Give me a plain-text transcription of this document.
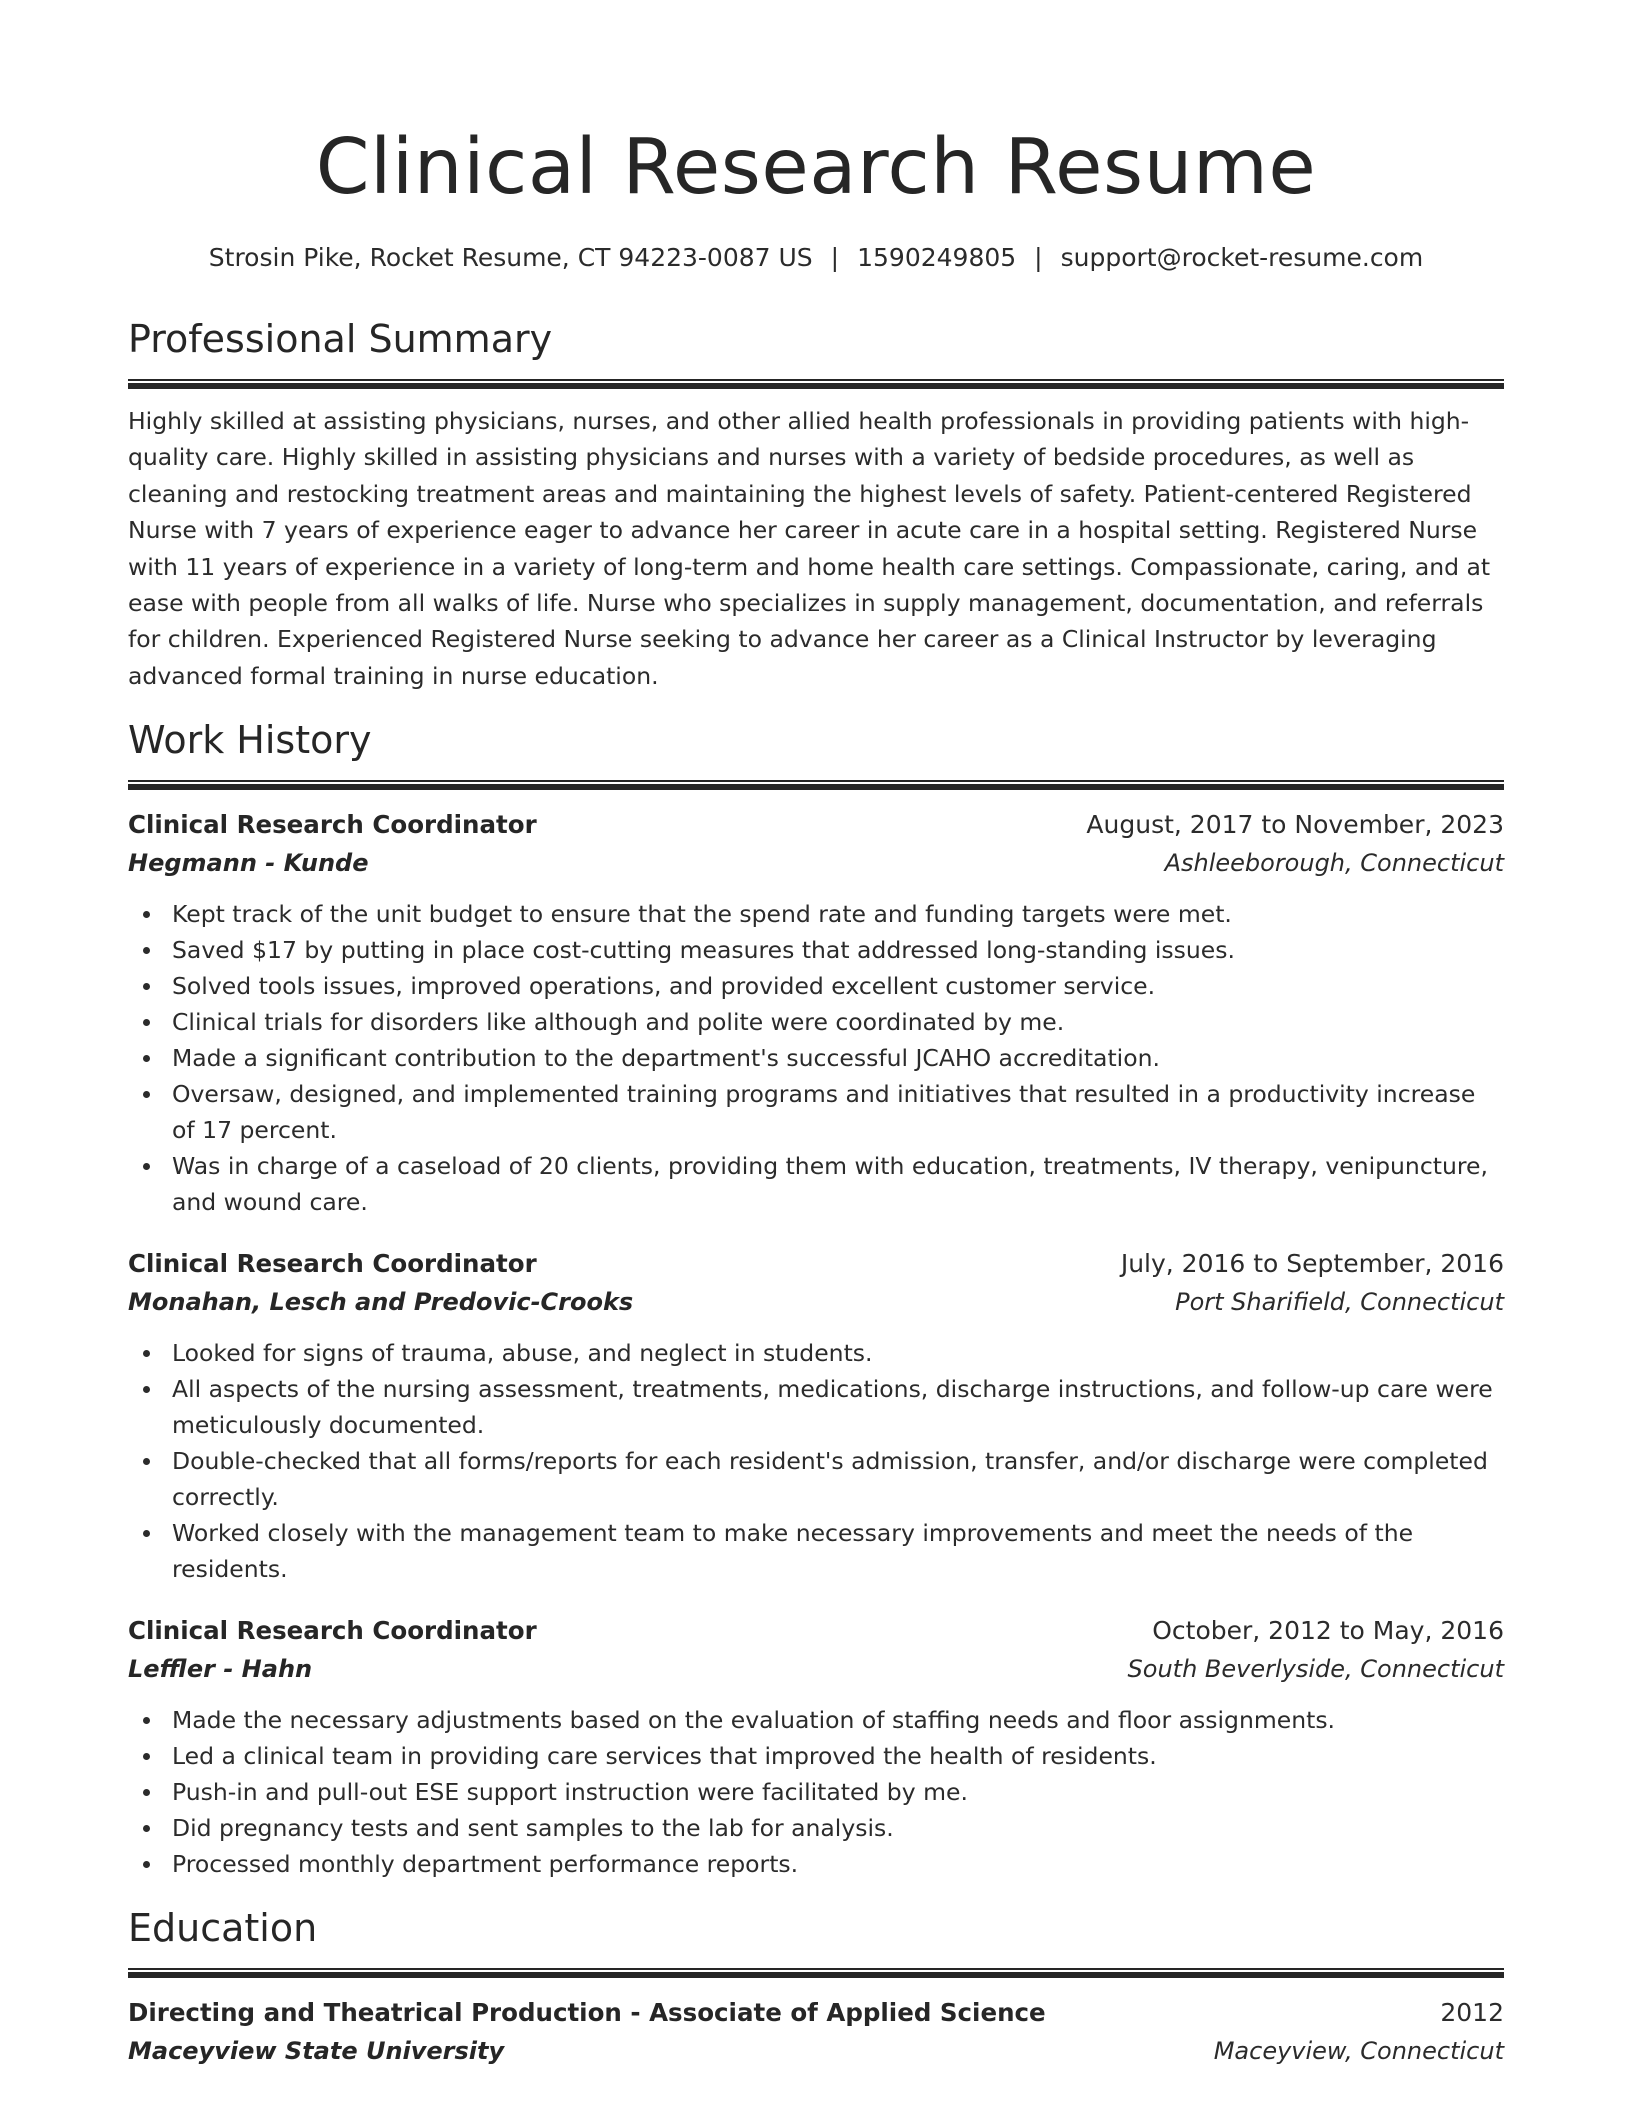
Clinical Research Resume
Strosin Pike, Rocket Resume, CT 94223-0087 US | 1590249805 | support@rocket-resume.com
Professional Summary

Highly skilled at assisting physicians, nurses, and other allied health professionals in providing patients with high-quality care. Highly skilled in assisting physicians and nurses with a variety of bedside procedures, as well as cleaning and restocking treatment areas and maintaining the highest levels of safety. Patient-centered Registered Nurse with 7 years of experience eager to advance her career in acute care in a hospital setting. Registered Nurse with 11 years of experience in a variety of long-term and home health care settings. Compassionate, caring, and at ease with people from all walks of life. Nurse who specializes in supply management, documentation, and referrals for children. Experienced Registered Nurse seeking to advance her career as a Clinical Instructor by leveraging advanced formal training in nurse education.

Work History
Clinical Research Coordinator	August, 2017 to November, 2023
Hegmann - Kunde	Ashleeborough, Connecticut
Kept track of the unit budget to ensure that the spend rate and funding targets were met.
Saved $17 by putting in place cost-cutting measures that addressed long-standing issues.
Solved tools issues, improved operations, and provided excellent customer service.
Clinical trials for disorders like although and polite were coordinated by me.
Made a significant contribution to the department's successful JCAHO accreditation.
Oversaw, designed, and implemented training programs and initiatives that resulted in a productivity increase of 17 percent.
Was in charge of a caseload of 20 clients, providing them with education, treatments, IV therapy, venipuncture, and wound care.
Clinical Research Coordinator	July, 2016 to September, 2016
Monahan, Lesch and Predovic-Crooks	Port Sharifield, Connecticut
Looked for signs of trauma, abuse, and neglect in students.
All aspects of the nursing assessment, treatments, medications, discharge instructions, and follow-up care were meticulously documented.
Double-checked that all forms/reports for each resident's admission, transfer, and/or discharge were completed correctly.
Worked closely with the management team to make necessary improvements and meet the needs of the residents.
Clinical Research Coordinator	October, 2012 to May, 2016
Leffler - Hahn	South Beverlyside, Connecticut
Made the necessary adjustments based on the evaluation of staffing needs and floor assignments.
Led a clinical team in providing care services that improved the health of residents.
Push-in and pull-out ESE support instruction were facilitated by me.
Did pregnancy tests and sent samples to the lab for analysis.
Processed monthly department performance reports.
Education
Directing and Theatrical Production - Associate of Applied Science	2012
Maceyview State University	Maceyview, Connecticut
